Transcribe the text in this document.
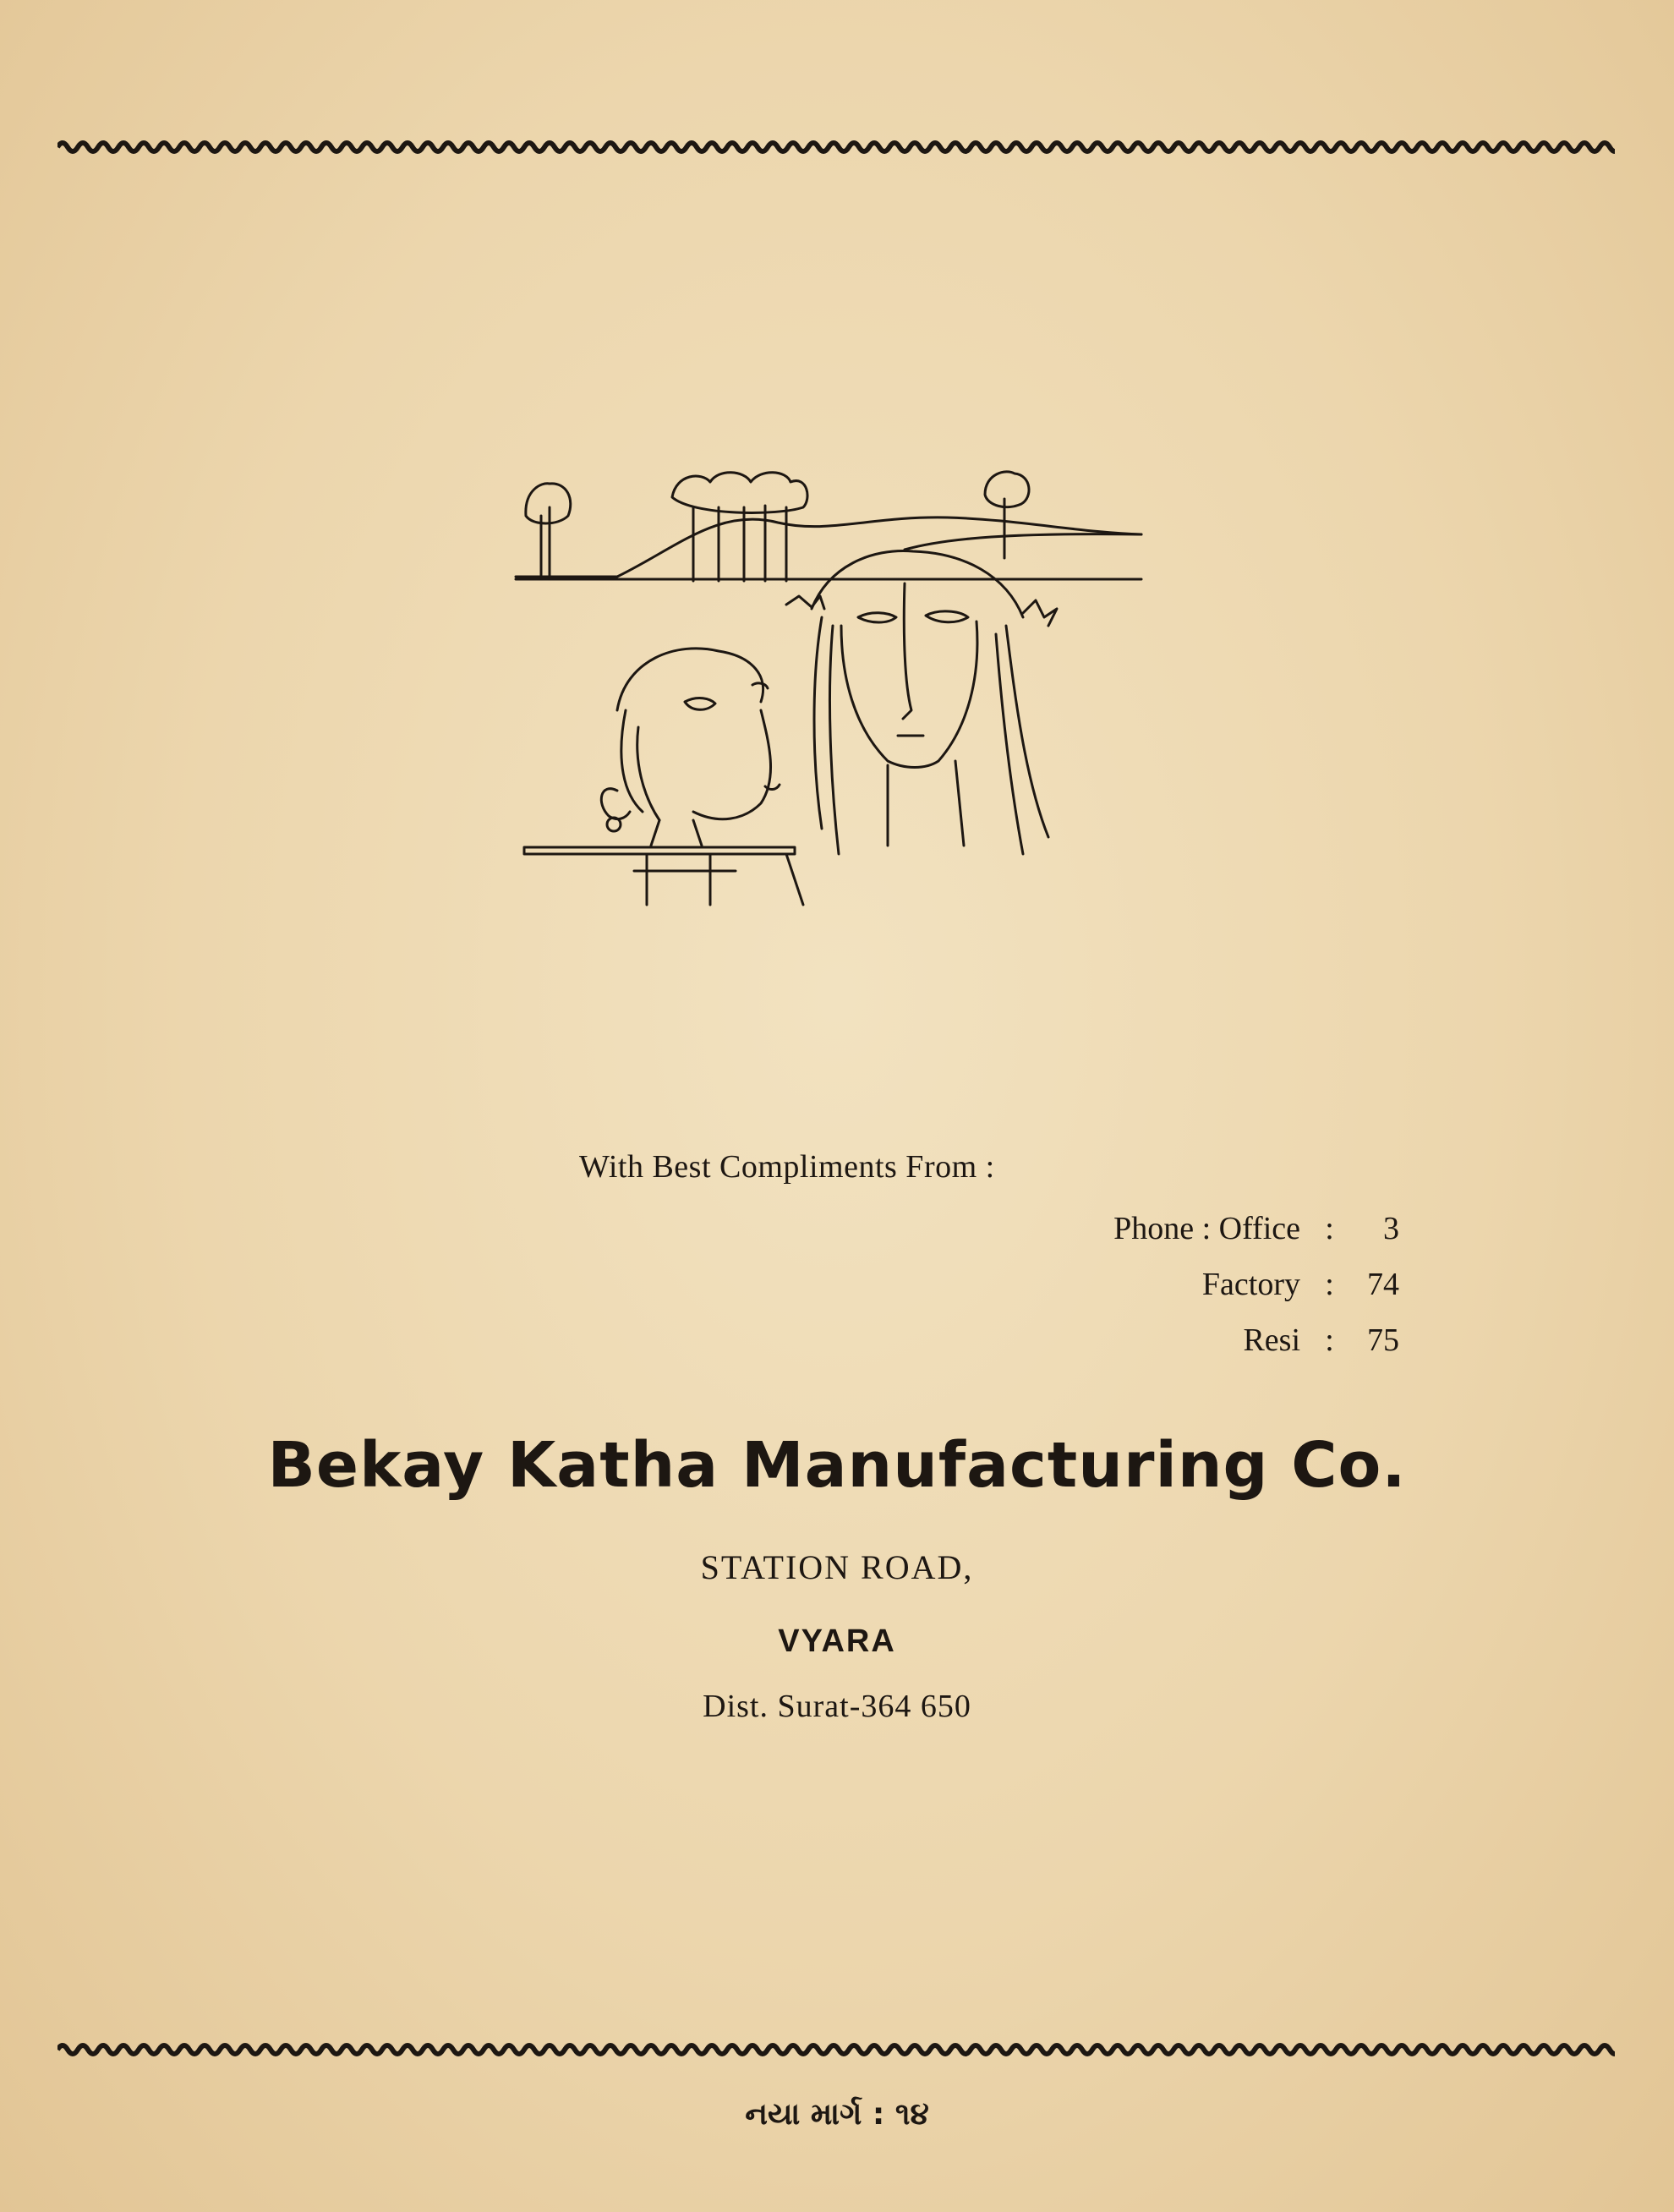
With Best Compliments From :
Phone : Office : 3
Factory : 74
Resi : 75
Bekay Katha Manufacturing Co.
STATION ROAD,
VYARA
Dist. Surat-364 650
નયા માર્ગ : ૧૪
